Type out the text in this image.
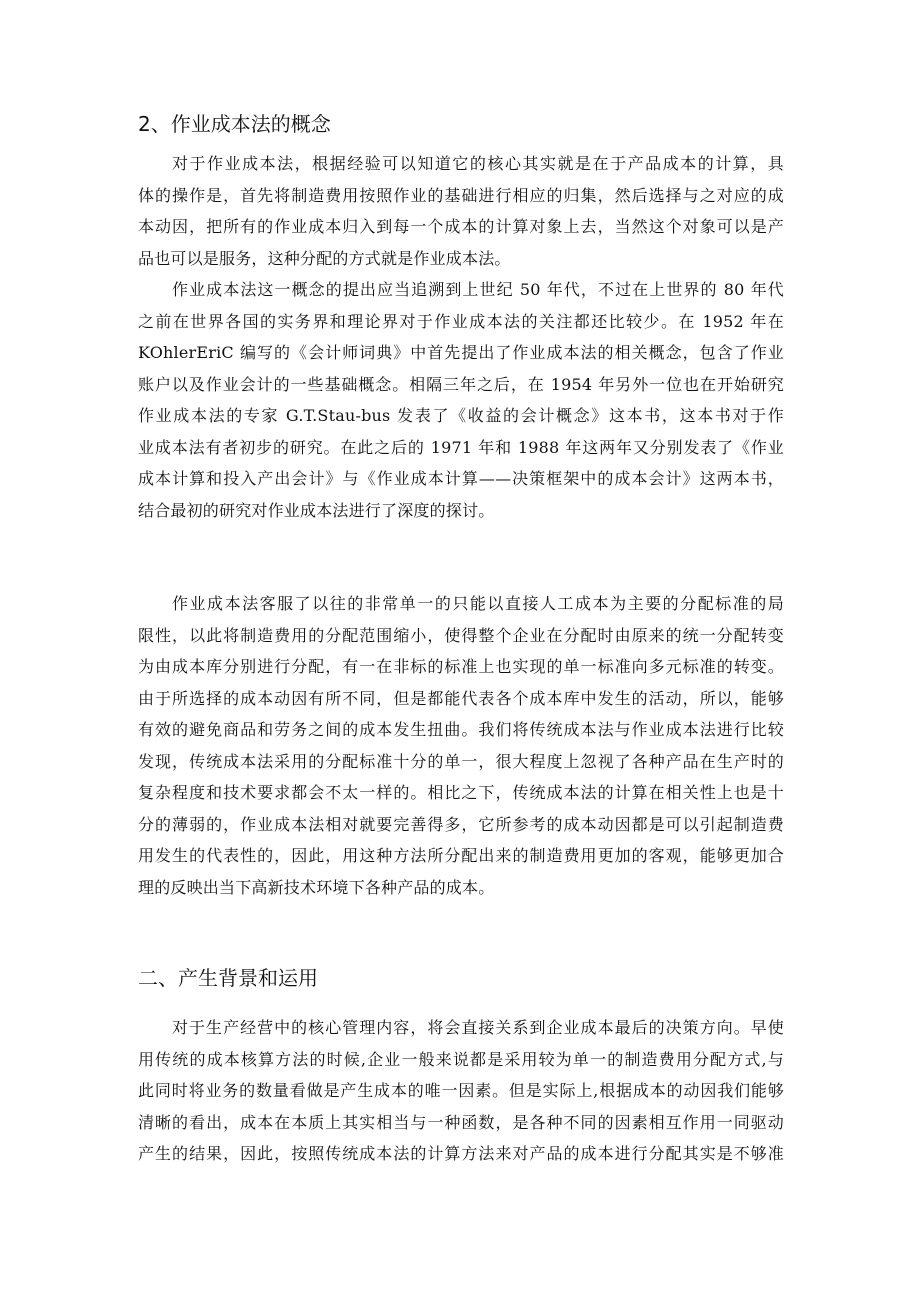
2、作业成本法的概念
对于作业成本法，根据经验可以知道它的核心其实就是在于产品成本的计算，具
体的操作是，首先将制造费用按照作业的基础进行相应的归集，然后选择与之对应的成
本动因，把所有的作业成本归入到每一个成本的计算对象上去，当然这个对象可以是产
品也可以是服务，这种分配的方式就是作业成本法。
作业成本法这一概念的提出应当追溯到上世纪 50 年代，不过在上世界的 80 年代
之前在世界各国的实务界和理论界对于作业成本法的关注都还比较少。在 1952 年在
KOhlerEriC 编写的《会计师词典》中首先提出了作业成本法的相关概念，包含了作业
账户以及作业会计的一些基础概念。相隔三年之后，在 1954 年另外一位也在开始研究
作业成本法的专家 G.T.Stau-bus 发表了《收益的会计概念》这本书，这本书对于作
业成本法有者初步的研究。在此之后的 1971 年和 1988 年这两年又分别发表了《作业
成本计算和投入产出会计》与《作业成本计算——决策框架中的成本会计》这两本书，
结合最初的研究对作业成本法进行了深度的探讨。
作业成本法客服了以往的非常单一的只能以直接人工成本为主要的分配标准的局
限性，以此将制造费用的分配范围缩小，使得整个企业在分配时由原来的统一分配转变
为由成本库分别进行分配，有一在非标的标准上也实现的单一标准向多元标准的转变。
由于所选择的成本动因有所不同，但是都能代表各个成本库中发生的活动，所以，能够
有效的避免商品和劳务之间的成本发生扭曲。我们将传统成本法与作业成本法进行比较
发现，传统成本法采用的分配标准十分的单一，很大程度上忽视了各种产品在生产时的
复杂程度和技术要求都会不太一样的。相比之下，传统成本法的计算在相关性上也是十
分的薄弱的，作业成本法相对就要完善得多，它所参考的成本动因都是可以引起制造费
用发生的代表性的，因此，用这种方法所分配出来的制造费用更加的客观，能够更加合
理的反映出当下高新技术环境下各种产品的成本。
二、产生背景和运用
对于生产经营中的核心管理内容，将会直接关系到企业成本最后的决策方向。早使
用传统的成本核算方法的时候,企业一般来说都是采用较为单一的制造费用分配方式,与
此同时将业务的数量看做是产生成本的唯一因素。但是实际上,根据成本的动因我们能够
清晰的看出，成本在本质上其实相当与一种函数，是各种不同的因素相互作用一同驱动
产生的结果，因此，按照传统成本法的计算方法来对产品的成本进行分配其实是不够准
